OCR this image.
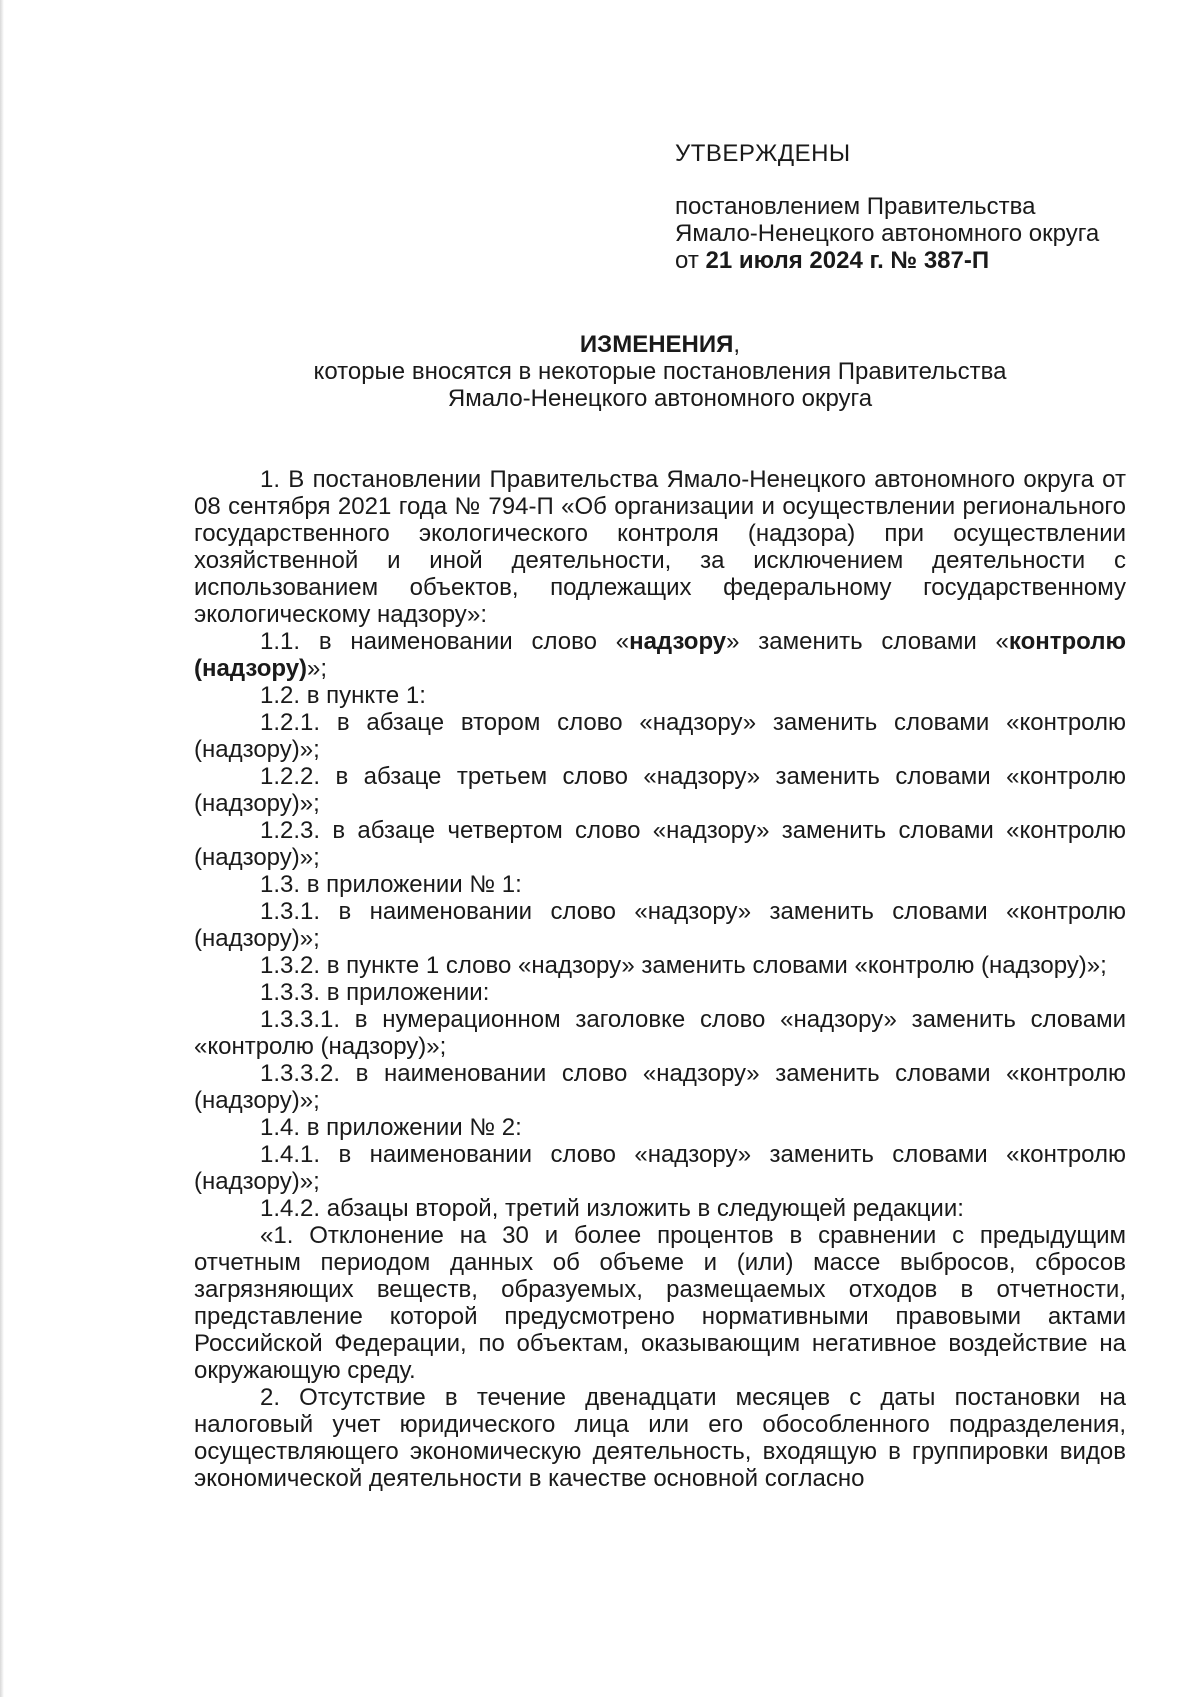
УТВЕРЖДЕНЫ
постановлением Правительства
Ямало-Ненецкого автономного округа
от 21 июля 2024 г. № 387-П
ИЗМЕНЕНИЯ,
которые вносятся в некоторые постановления Правительства
Ямало-Ненецкого автономного округа

1. В постановлении Правительства Ямало-Ненецкого автономного округа от 08 сентября 2021 года № 794-П «Об организации и осуществлении регионального государственного экологического контроля (надзора) при осуществлении хозяйственной и иной деятельности, за исключением деятельности с использованием объектов, подлежащих федеральному государственному экологическому надзору»:

1.1. в наименовании слово «надзору» заменить словами «контролю (надзору)»;

1.2. в пункте 1:

1.2.1. в абзаце втором слово «надзору» заменить словами «контролю (надзору)»;

1.2.2. в абзаце третьем слово «надзору» заменить словами «контролю (надзору)»;

1.2.3. в абзаце четвертом слово «надзору» заменить словами «контролю (надзору)»;

1.3. в приложении № 1:

1.3.1. в наименовании слово «надзору» заменить словами «контролю (надзору)»;

1.3.2. в пункте 1 слово «надзору» заменить словами «контролю (надзору)»;

1.3.3. в приложении:

1.3.3.1. в нумерационном заголовке слово «надзору» заменить словами «контролю (надзору)»;

1.3.3.2. в наименовании слово «надзору» заменить словами «контролю (надзору)»;

1.4. в приложении № 2:

1.4.1. в наименовании слово «надзору» заменить словами «контролю (надзору)»;

1.4.2. абзацы второй, третий изложить в следующей редакции:

«1. Отклонение на 30 и более процентов в сравнении с предыдущим отчетным периодом данных об объеме и (или) массе выбросов, сбросов загрязняющих веществ, образуемых, размещаемых отходов в отчетности, представление которой предусмотрено нормативными правовыми актами Российской Федерации, по объектам, оказывающим негативное воздействие на окружающую среду.

2. Отсутствие в течение двенадцати месяцев с даты постановки на налоговый учет юридического лица или его обособленного подразделения, осуществляющего экономическую деятельность, входящую в группировки видов экономической деятельности в качестве основной согласно
